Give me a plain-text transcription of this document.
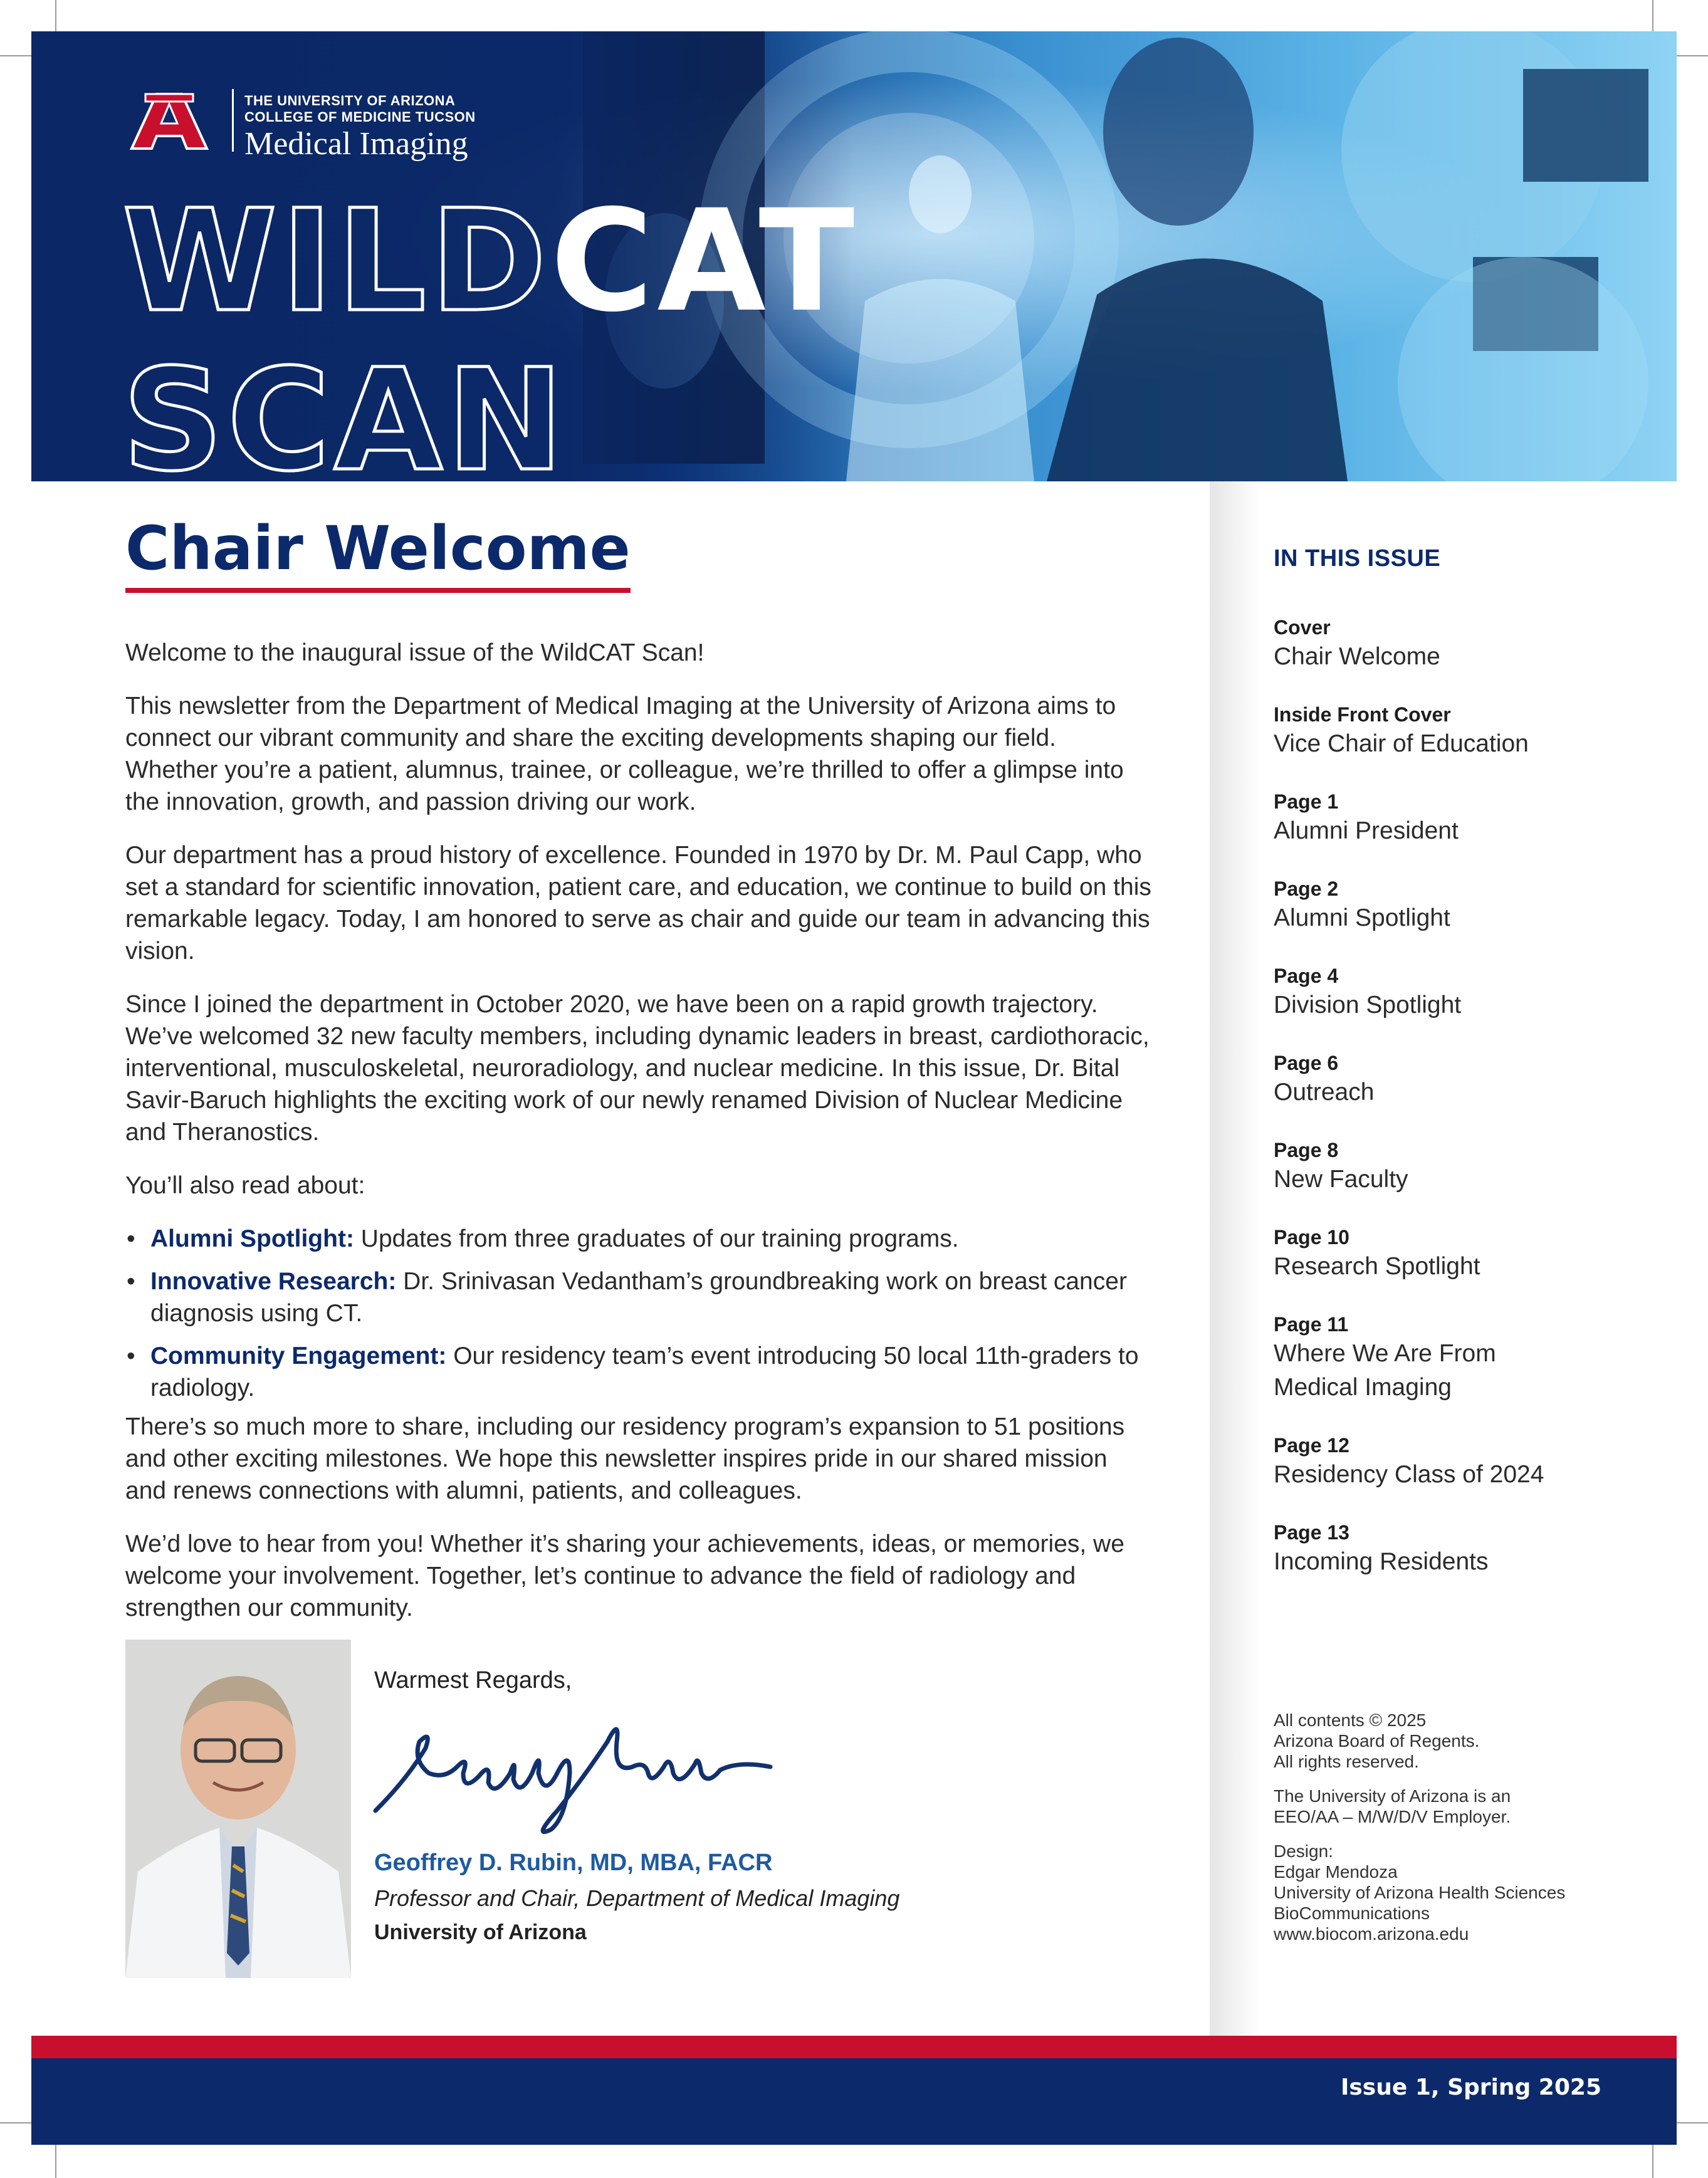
THE UNIVERSITY OF ARIZONA
COLLEGE OF MEDICINE TUCSON
Medical Imaging
WILDCAT
SCAN
Chair Welcome

Welcome to the inaugural issue of the WildCAT Scan!

This newsletter from the Department of Medical Imaging at the University of Arizona aims to connect our vibrant community and share the exciting developments shaping our field. Whether you’re a patient, alumnus, trainee, or colleague, we’re thrilled to offer a glimpse into the innovation, growth, and passion driving our work.

Our department has a proud history of excellence. Founded in 1970 by Dr. M. Paul Capp, who set a standard for scientific innovation, patient care, and education, we continue to build on this remarkable legacy. Today, I am honored to serve as chair and guide our team in advancing this vision.

Since I joined the department in October 2020, we have been on a rapid growth trajectory. We’ve welcomed 32 new faculty members, including dynamic leaders in breast, cardiothoracic, interventional, musculoskeletal, neuroradiology, and nuclear medicine. In this issue, Dr. Bital Savir-Baruch highlights the exciting work of our newly renamed Division of Nuclear Medicine and Theranostics.

You’ll also read about:

• Alumni Spotlight: Updates from three graduates of our training programs.
• Innovative Research: Dr. Srinivasan Vedantham’s groundbreaking work on breast cancer diagnosis using CT.
• Community Engagement: Our residency team’s event introducing 50 local 11th-graders to radiology.

There’s so much more to share, including our residency program’s expansion to 51 positions and other exciting milestones. We hope this newsletter inspires pride in our shared mission and renews connections with alumni, patients, and colleagues.

We’d love to hear from you! Whether it’s sharing your achievements, ideas, or memories, we welcome your involvement. Together, let’s continue to advance the field of radiology and strengthen our community.

Warmest Regards,

Geoffrey D. Rubin, MD, MBA, FACR

Professor and Chair, Department of Medical Imaging

University of Arizona

IN THIS ISSUE
Cover
Chair Welcome
Inside Front Cover
Vice Chair of Education
Page 1
Alumni President
Page 2
Alumni Spotlight
Page 4
Division Spotlight
Page 6
Outreach
Page 8
New Faculty
Page 10
Research Spotlight
Page 11
Where We Are From Medical Imaging
Page 12
Residency Class of 2024
Page 13
Incoming Residents

All contents © 2025
Arizona Board of Regents.
All rights reserved.

The University of Arizona is an
EEO/AA – M/W/D/V Employer.

Design:
Edgar Mendoza
University of Arizona Health Sciences
BioCommunications
www.biocom.arizona.edu

Issue 1, Spring 2025
